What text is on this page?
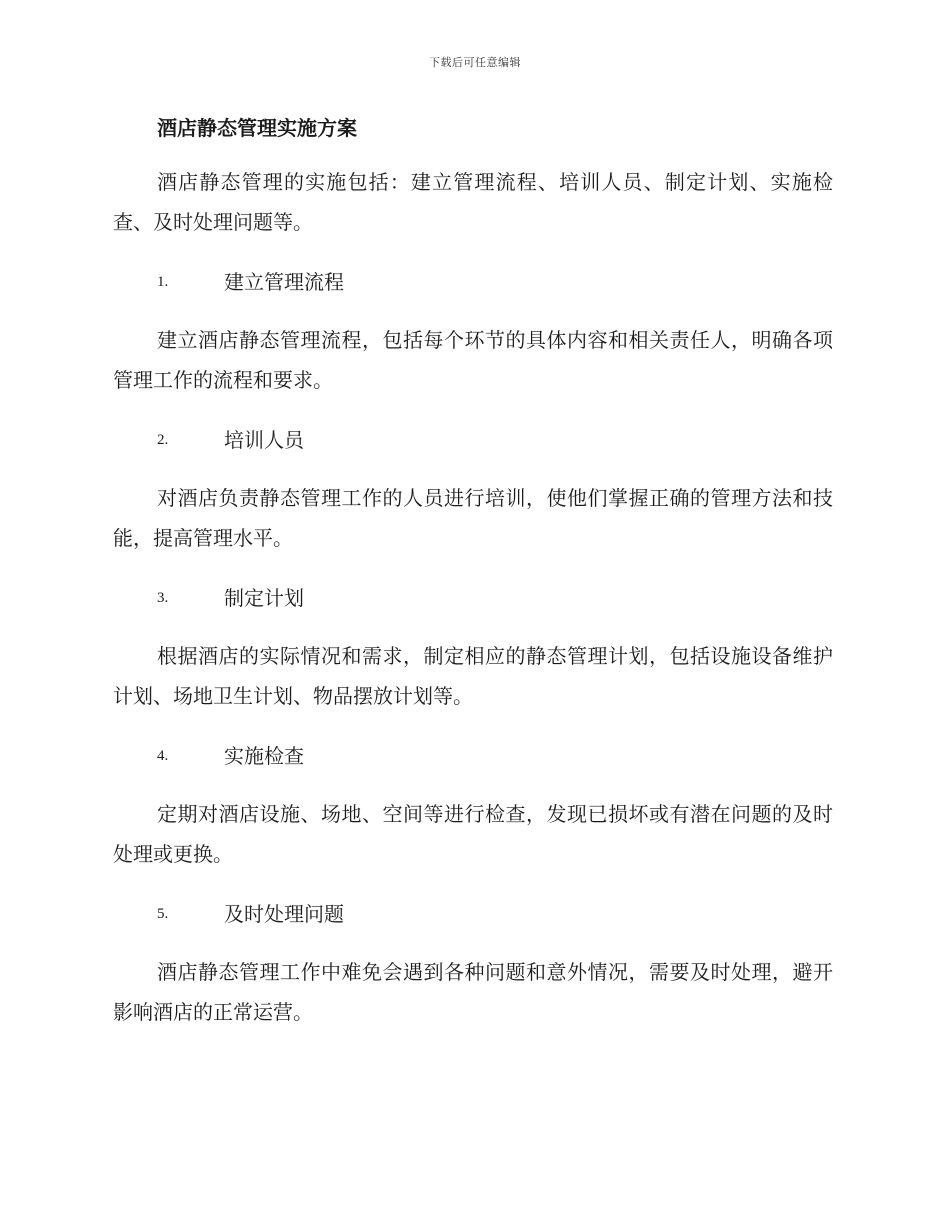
下载后可任意编辑
酒店静态管理实施方案

酒店静态管理的实施包括：建立管理流程、培训人员、制定计划、实施检查、及时处理问题等。

1.	建立管理流程

建立酒店静态管理流程，包括每个环节的具体内容和相关责任人，明确各项管理工作的流程和要求。

2.	培训人员

对酒店负责静态管理工作的人员进行培训，使他们掌握正确的管理方法和技能，提高管理水平。

3.	制定计划

根据酒店的实际情况和需求，制定相应的静态管理计划，包括设施设备维护计划、场地卫生计划、物品摆放计划等。

4.	实施检查

定期对酒店设施、场地、空间等进行检查，发现已损坏或有潜在问题的及时处理或更换。

5.	及时处理问题

酒店静态管理工作中难免会遇到各种问题和意外情况，需要及时处理，避开影响酒店的正常运营。
